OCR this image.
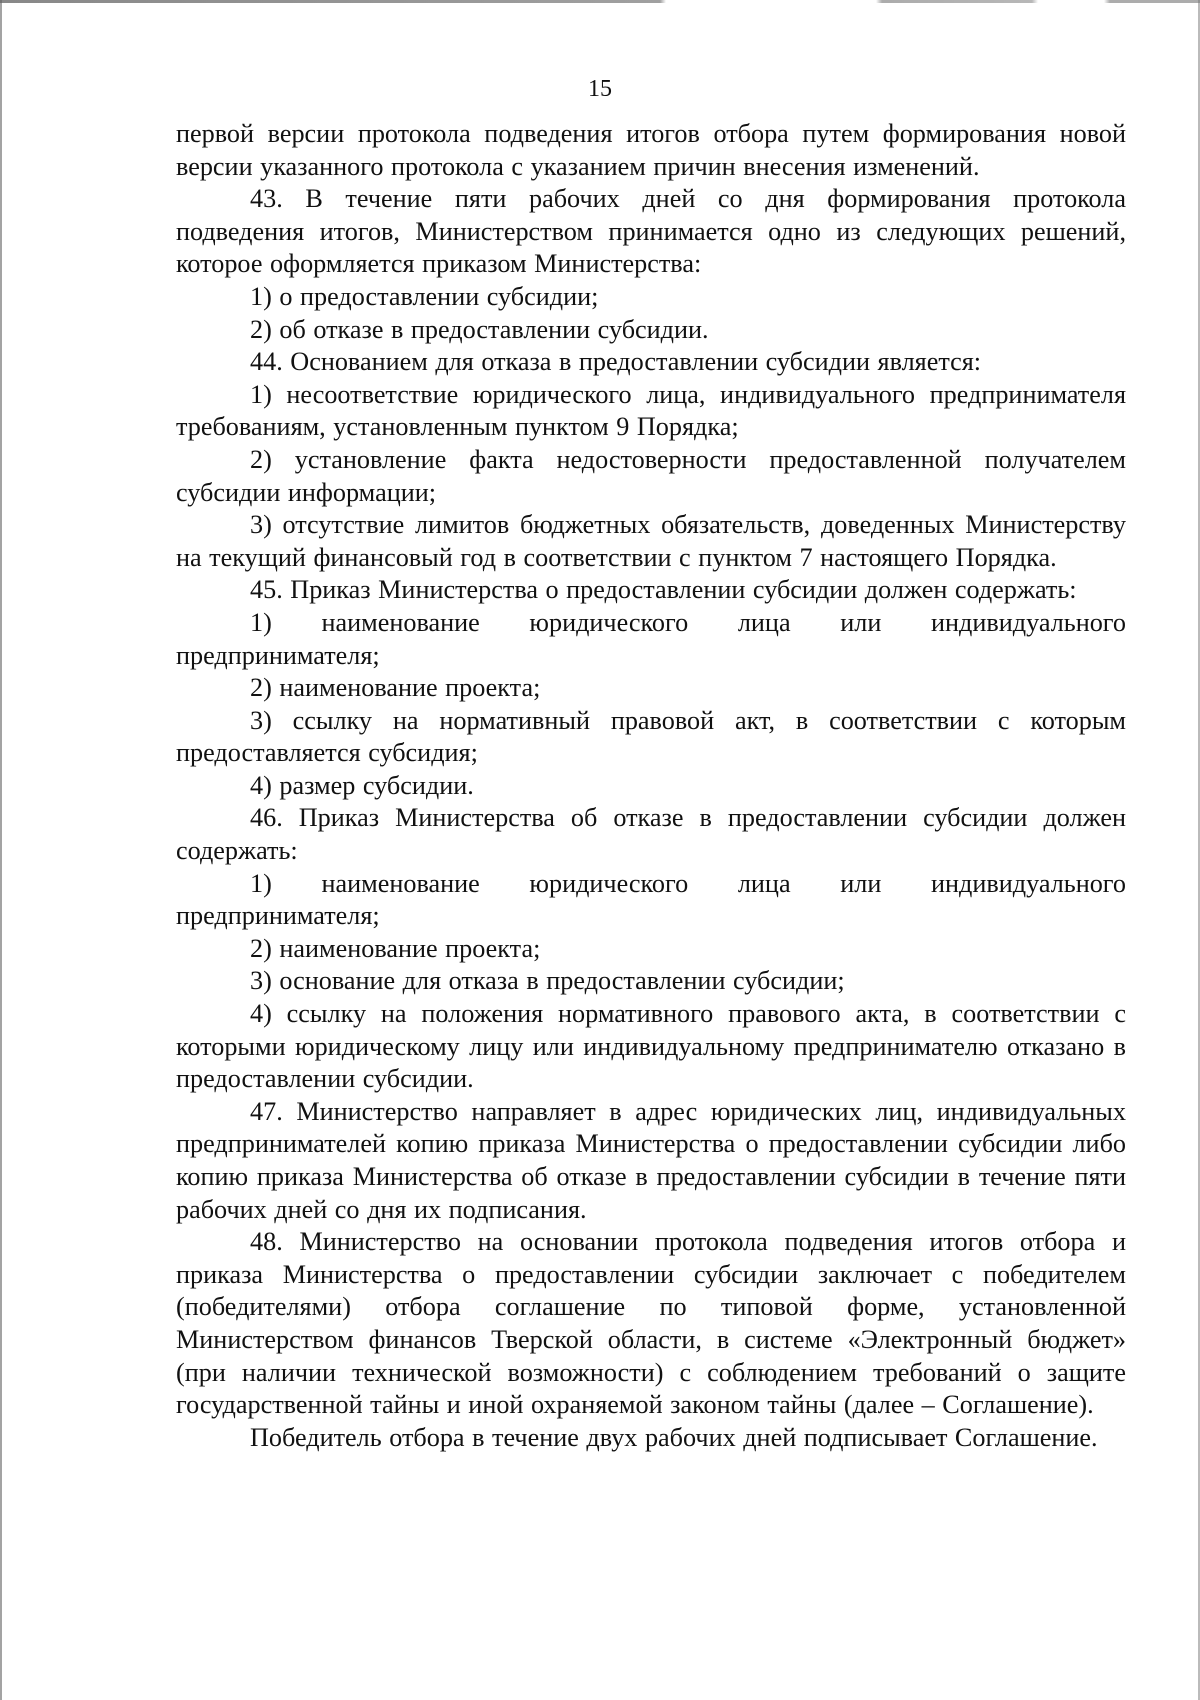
15

первой версии протокола подведения итогов отбора путем формирования новой версии указанного протокола с указанием причин внесения изменений.

43. В течение пяти рабочих дней со дня формирования протокола подведения итогов, Министерством принимается одно из следующих решений, которое оформляется приказом Министерства:

1) о предоставлении субсидии;

2) об отказе в предоставлении субсидии.

44. Основанием для отказа в предоставлении субсидии является:

1) несоответствие юридического лица, индивидуального предпринимателя требованиям, установленным пунктом 9 Порядка;

2) установление факта недостоверности предоставленной получателем субсидии информации;

3) отсутствие лимитов бюджетных обязательств, доведенных Министерству на текущий финансовый год в соответствии с пунктом 7 настоящего Порядка.

45. Приказ Министерства о предоставлении субсидии должен содержать:

1) наименование юридического лица или индивидуального предпринимателя;

2) наименование проекта;

3) ссылку на нормативный правовой акт, в соответствии с которым предоставляется субсидия;

4) размер субсидии.

46. Приказ Министерства об отказе в предоставлении субсидии должен содержать:

1) наименование юридического лица или индивидуального предпринимателя;

2) наименование проекта;

3) основание для отказа в предоставлении субсидии;

4) ссылку на положения нормативного правового акта, в соответствии с которыми юридическому лицу или индивидуальному предпринимателю отказано в предоставлении субсидии.

47. Министерство направляет в адрес юридических лиц, индивидуальных предпринимателей копию приказа Министерства о предоставлении субсидии либо копию приказа Министерства об отказе в предоставлении субсидии в течение пяти рабочих дней со дня их подписания.

48. Министерство на основании протокола подведения итогов отбора и приказа Министерства о предоставлении субсидии заключает с победителем (победителями) отбора соглашение по типовой форме, установленной Министерством финансов Тверской области, в системе «Электронный бюджет» (при наличии технической возможности) с соблюдением требований о защите государственной тайны и иной охраняемой законом тайны (далее – Соглашение).

Победитель отбора в течение двух рабочих дней подписывает Соглашение.
